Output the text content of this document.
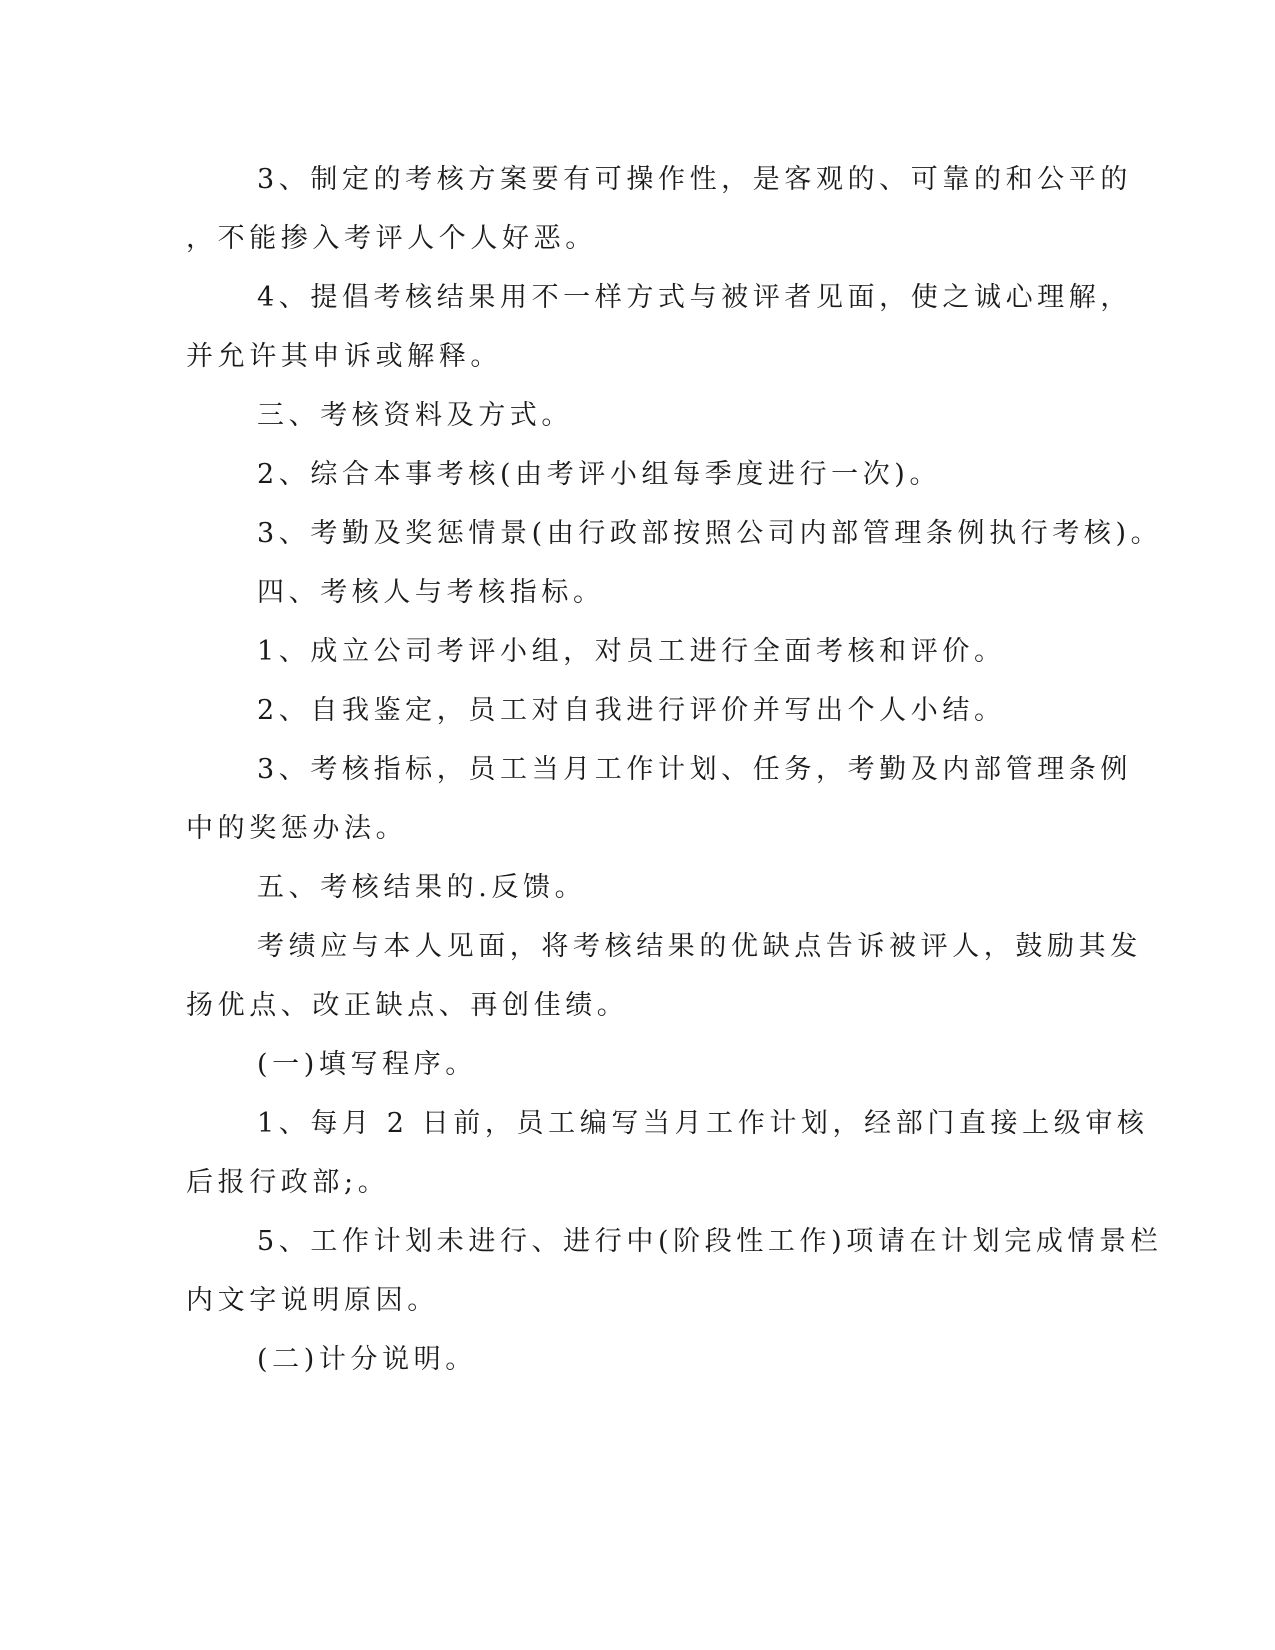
3、制定的考核方案要有可操作性，是客观的、可靠的和公平的

，不能掺入考评人个人好恶。

4、提倡考核结果用不一样方式与被评者见面，使之诚心理解，

并允许其申诉或解释。

三、考核资料及方式。

2、综合本事考核(由考评小组每季度进行一次)。

3、考勤及奖惩情景(由行政部按照公司内部管理条例执行考核)。

四、考核人与考核指标。

1、成立公司考评小组，对员工进行全面考核和评价。

2、自我鉴定，员工对自我进行评价并写出个人小结。

3、考核指标，员工当月工作计划、任务，考勤及内部管理条例

中的奖惩办法。

五、考核结果的.反馈。

考绩应与本人见面，将考核结果的优缺点告诉被评人，鼓励其发

扬优点、改正缺点、再创佳绩。

(一)填写程序。

1、每月 2 日前，员工编写当月工作计划，经部门直接上级审核

后报行政部;。

5、工作计划未进行、进行中(阶段性工作)项请在计划完成情景栏

内文字说明原因。

(二)计分说明。
